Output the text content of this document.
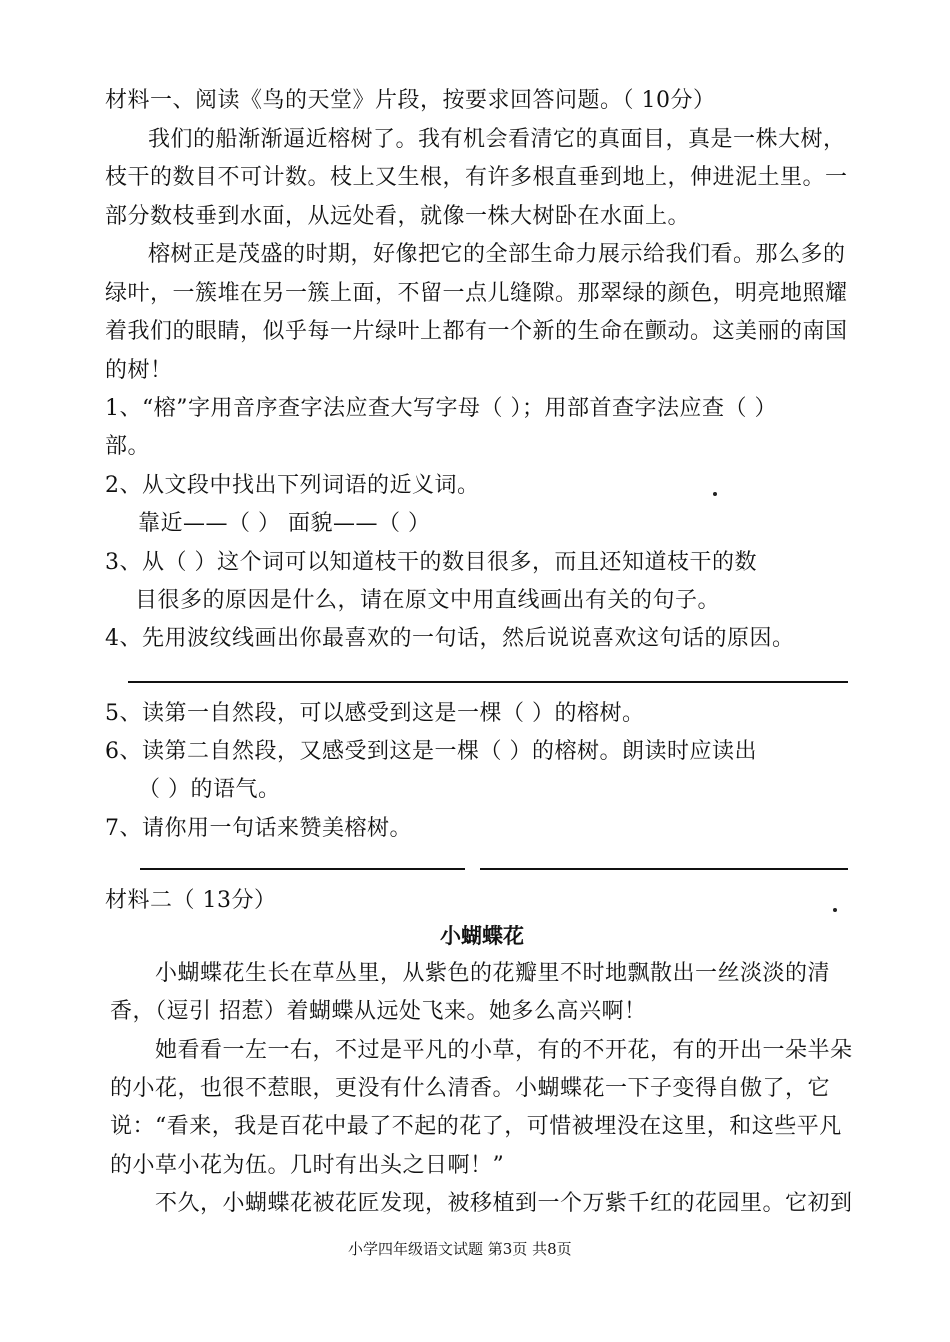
材料一、阅读《鸟的天堂》片段，按要求回答问题。（ 10分）
我们的船渐渐逼近榕树了。我有机会看清它的真面目，真是一株大树，
枝干的数目不可计数。枝上又生根，有许多根直垂到地上，伸进泥土里。一
部分数枝垂到水面，从远处看，就像一株大树卧在水面上。
榕树正是茂盛的时期，好像把它的全部生命力展示给我们看。那么多的
绿叶，一簇堆在另一簇上面，不留一点儿缝隙。那翠绿的颜色，明亮地照耀
着我们的眼睛，似乎每一片绿叶上都有一个新的生命在颤动。这美丽的南国
的树！
1、“榕”字用音序查字法应查大写字母（ ）；用部首查字法应查（ ）
部。
2、从文段中找出下列词语的近义词。
靠近——（ ） 面貌——（ ）
3、从（ ）这个词可以知道枝干的数目很多，而且还知道枝干的数
目很多的原因是什么，请在原文中用直线画出有关的句子。
4、先用波纹线画出你最喜欢的一句话，然后说说喜欢这句话的原因。
5、读第一自然段，可以感受到这是一棵（ ）的榕树。
6、读第二自然段，又感受到这是一棵（ ）的榕树。朗读时应读出
（ ）的语气。
7、请你用一句话来赞美榕树。
材料二（ 13分）
小蝴蝶花
小蝴蝶花生长在草丛里，从紫色的花瓣里不时地飘散出一丝淡淡的清
香，（逗引 招惹）着蝴蝶从远处飞来。她多么高兴啊！
她看看一左一右，不过是平凡的小草，有的不开花，有的开出一朵半朵
的小花，也很不惹眼，更没有什么清香。小蝴蝶花一下子变得自傲了，它
说：“看来，我是百花中最了不起的花了，可惜被埋没在这里，和这些平凡
的小草小花为伍。几时有出头之日啊！”
不久，小蝴蝶花被花匠发现，被移植到一个万紫千红的花园里。它初到
小学四年级语文试题 第3页 共8页
